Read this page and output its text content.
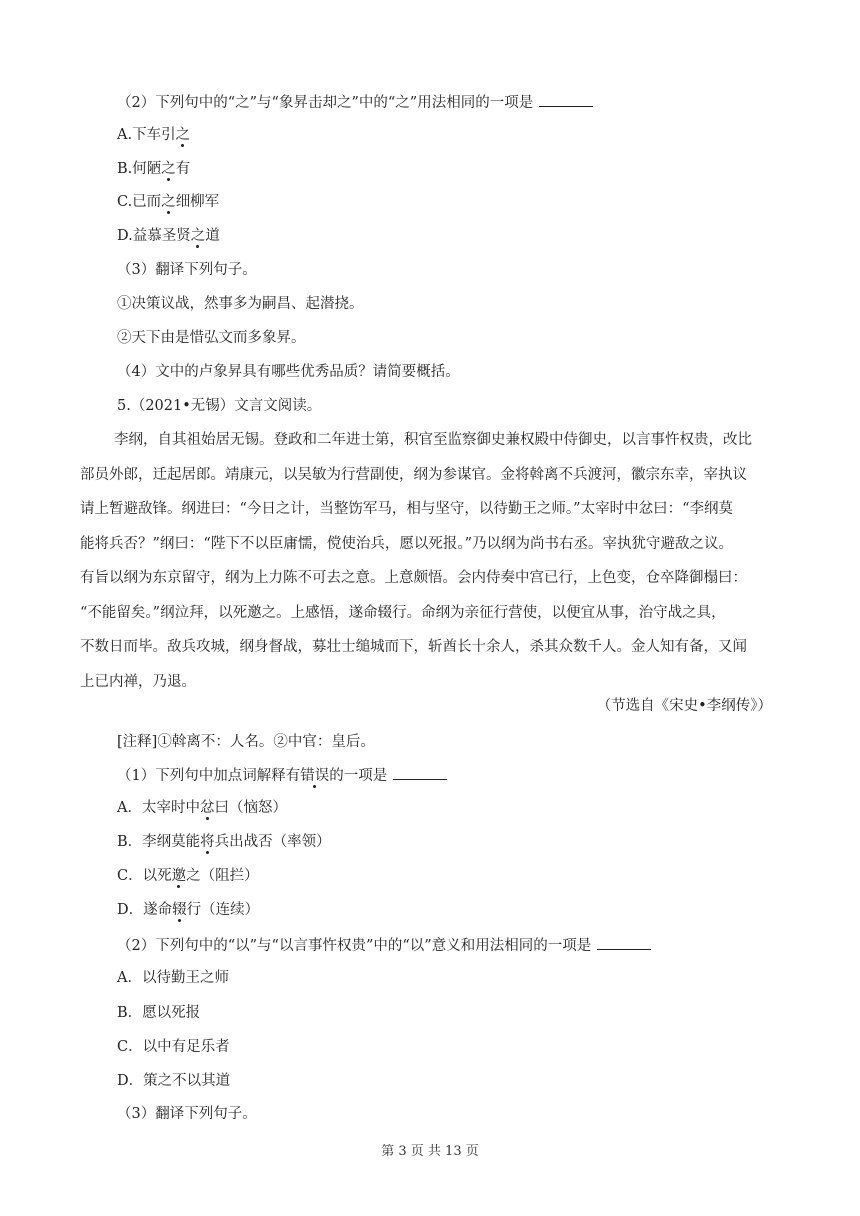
（2）下列句中的“之”与“象昇击却之”中的“之”用法相同的一项是
A.下车引之
B.何陋之有
C.已而之细柳军
D.益慕圣贤之道
（3）翻译下列句子。
①决策议战，然事多为嗣昌、起潜挠。
②天下由是惜弘文而多象昇。
（4）文中的卢象昇具有哪些优秀品质？请简要概括。
5.（2021•无锡）文言文阅读。
李纲，自其祖始居无锡。登政和二年进士第，积官至监察御史兼权殿中侍御史，以言事忤权贵，改比
部员外郎，迁起居郎。靖康元，以吴敏为行营副使，纲为参谋官。金将斡离不兵渡河，徽宗东幸，宰执议
请上暂避敌锋。纲进曰：“今日之计，当整饬军马，相与坚守，以待勤王之师。”太宰时中忿曰：“李纲莫
能将兵否？”纲曰：“陛下不以臣庸懦，傥使治兵，愿以死报。”乃以纲为尚书右丞。宰执犹守避敌之议。
有旨以纲为东京留守，纲为上力陈不可去之意。上意颇悟。会内侍奏中宫已行，上色变，仓卒降御榻曰：
“不能留矣。”纲泣拜，以死邀之。上感悟，遂命辍行。命纲为亲征行营使，以便宜从事，治守战之具，
不数日而毕。敌兵攻城，纲身督战，募壮士缒城而下，斩酋长十余人，杀其众数千人。金人知有备，又闻
上已内禅，乃退。
（节选自《宋史•李纲传》）
[注释]①斡离不：人名。②中官：皇后。
（1）下列句中加点词解释有错误的一项是
A．太宰时中忿曰（恼怒）
B．李纲莫能将兵出战否（率领）
C．以死邀之（阻拦）
D．遂命辍行（连续）
（2）下列句中的“以”与“以言事忤权贵”中的“以”意义和用法相同的一项是
A．以待勤王之师
B．愿以死报
C．以中有足乐者
D．策之不以其道
（3）翻译下列句子。
第 3 页 共 13 页
